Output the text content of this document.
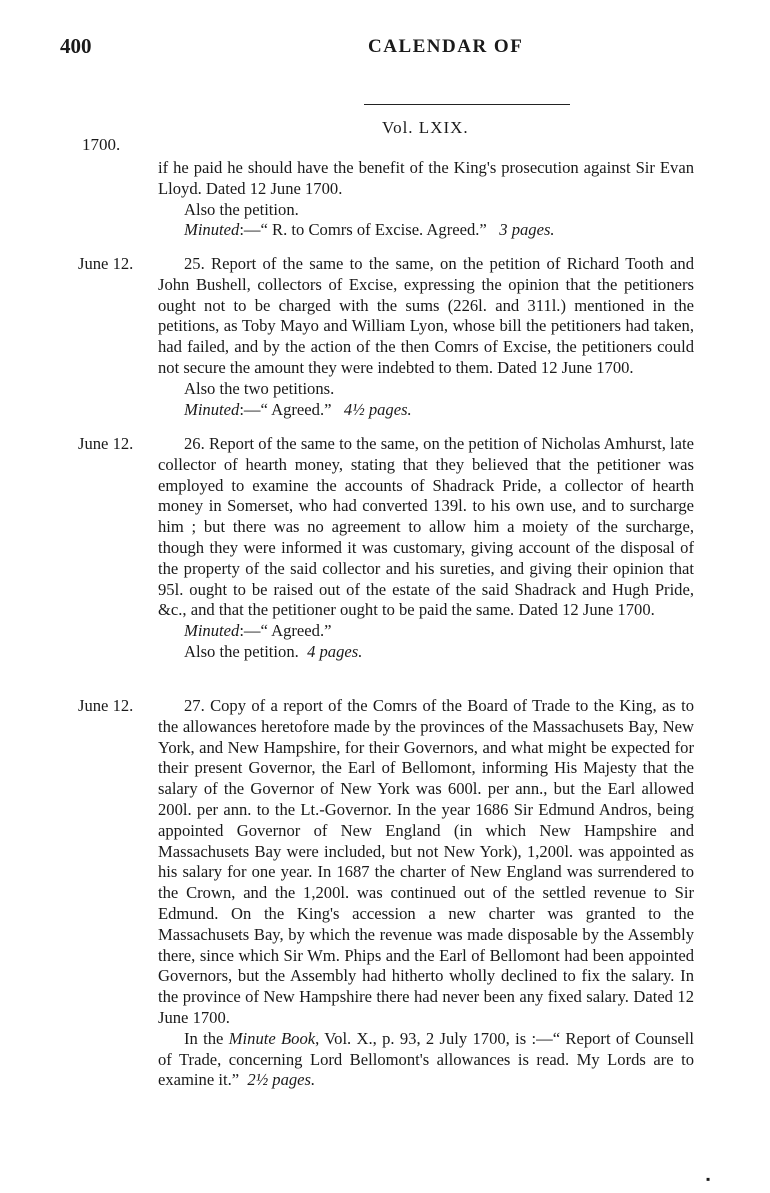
400	CALENDAR OF
Vol. LXIX.
1700.

if he paid he should have the benefit of the King's prosecution against Sir Evan Lloyd. Dated 12 June 1700.

Also the petition.

Minuted:—“ R. to Comrs of Excise. Agreed.” 3 pages.

June 12.	25. Report of the same to the same, on the petition of Richard Tooth and John Bushell, collectors of Excise, expressing the opinion that the petitioners ought not to be charged with the sums (226l. and 311l.) mentioned in the petitions, as Toby Mayo and William Lyon, whose bill the petitioners had taken, had failed, and by the action of the then Comrs of Excise, the petitioners could not secure the amount they were indebted to them. Dated 12 June 1700.

Also the two petitions.

Minuted:—“ Agreed.” 4½ pages.

June 12.	26. Report of the same to the same, on the petition of Nicholas Amhurst, late collector of hearth money, stating that they believed that the petitioner was employed to examine the accounts of Shadrack Pride, a collector of hearth money in Somerset, who had converted 139l. to his own use, and to surcharge him ; but there was no agreement to allow him a moiety of the surcharge, though they were informed it was customary, giving account of the disposal of the property of the said collector and his sureties, and giving their opinion that 95l. ought to be raised out of the estate of the said Shadrack and Hugh Pride, &c., and that the petitioner ought to be paid the same. Dated 12 June 1700.

Minuted:—“ Agreed.”

Also the petition. 4 pages.

June 12.	27. Copy of a report of the Comrs of the Board of Trade to the King, as to the allowances heretofore made by the provinces of the Massachusets Bay, New York, and New Hampshire, for their Governors, and what might be expected for their present Governor, the Earl of Bellomont, informing His Majesty that the salary of the Governor of New York was 600l. per ann., but the Earl allowed 200l. per ann. to the Lt.-Governor. In the year 1686 Sir Edmund Andros, being appointed Governor of New England (in which New Hampshire and Massachusets Bay were included, but not New York), 1,200l. was appointed as his salary for one year. In 1687 the charter of New England was surrendered to the Crown, and the 1,200l. was continued out of the settled revenue to Sir Edmund. On the King's accession a new charter was granted to the Massachusets Bay, by which the revenue was made disposable by the Assembly there, since which Sir Wm. Phips and the Earl of Bellomont had been appointed Governors, but the Assembly had hitherto wholly declined to fix the salary. In the province of New Hampshire there had never been any fixed salary. Dated 12 June 1700.

In the Minute Book, Vol. X., p. 93, 2 July 1700, is :—“ Report of Counsell of Trade, concerning Lord Bellomont's allowances is read. My Lords are to examine it.” 2½ pages.

▪
